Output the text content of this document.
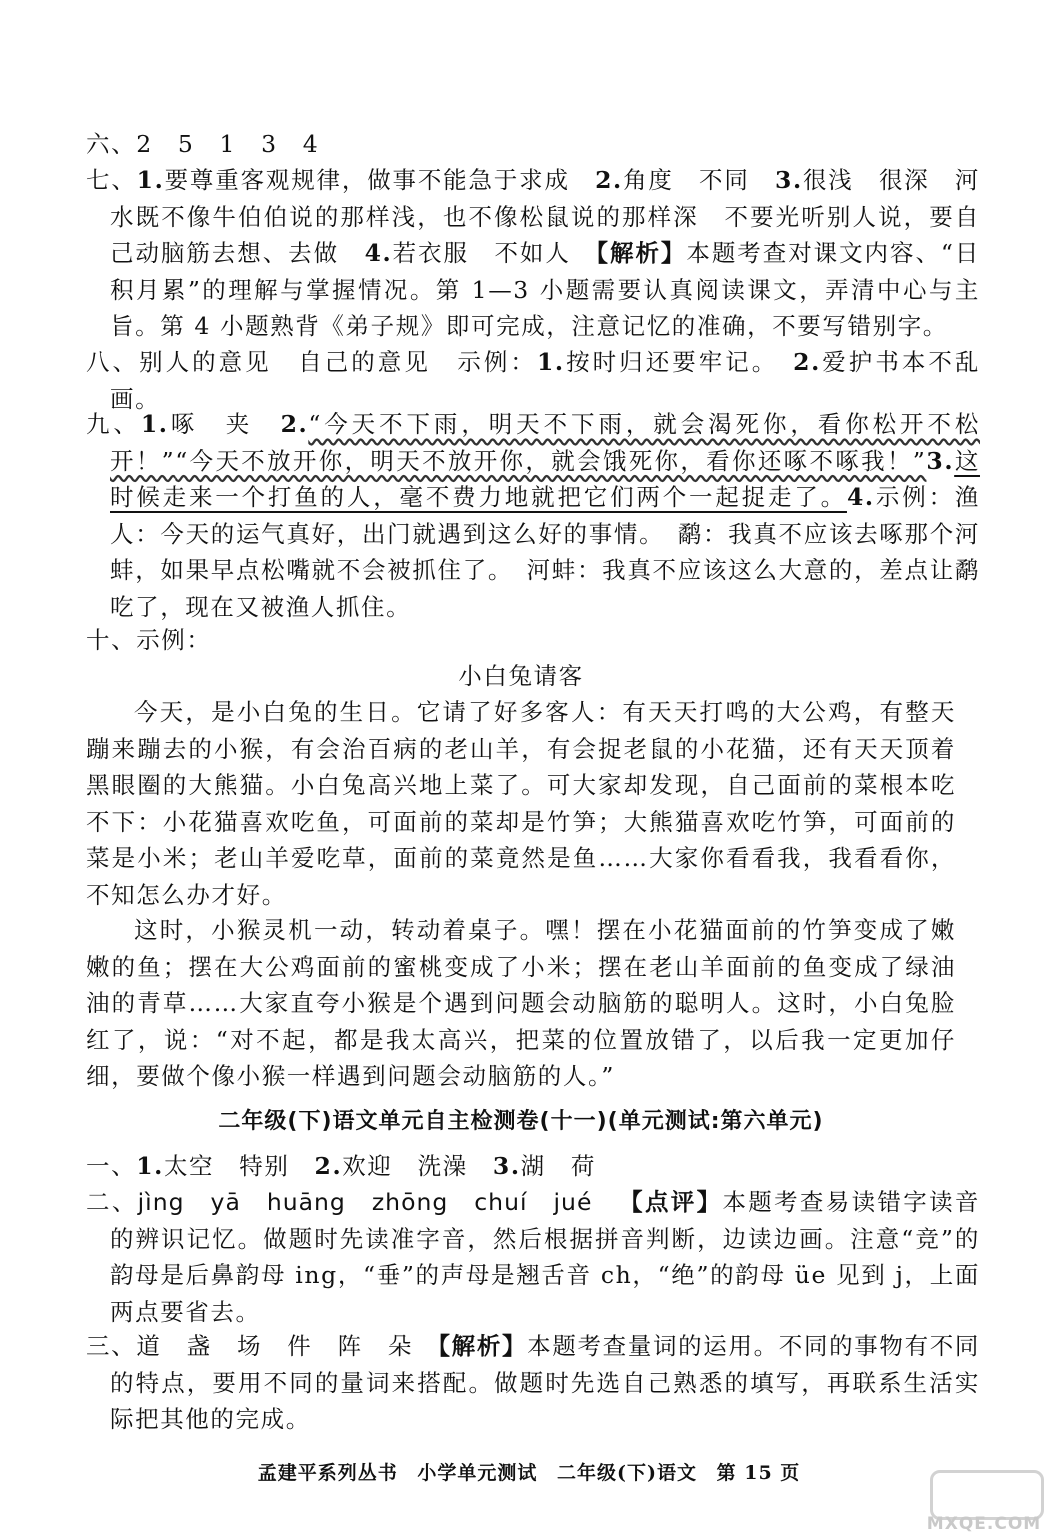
六、2　5　1　3　4

七、1.要尊重客观规律，做事不能急于求成　2.角度　不同　3.很浅　很深　河水既不像牛伯伯说的那样浅，也不像松鼠说的那样深　不要光听别人说，要自己动脑筋去想、去做　4.若衣服　不如人　【解析】本题考查对课文内容、“日积月累”的理解与掌握情况。第 1—3 小题需要认真阅读课文，弄清中心与主旨。第 4 小题熟背《弟子规》即可完成，注意记忆的准确，不要写错别字。

八、别人的意见　自己的意见　示例：1.按时归还要牢记。　2.爱护书本不乱画。

九、1.啄　夹　2.“今天不下雨，明天不下雨，就会渴死你，看你松开不松开！”“今天不放开你，明天不放开你，就会饿死你，看你还啄不啄我！”3.这时候走来一个打鱼的人，毫不费力地就把它们两个一起捉走了。4.示例：渔人：今天的运气真好，出门就遇到这么好的事情。　鹬：我真不应该去啄那个河蚌，如果早点松嘴就不会被抓住了。　河蚌：我真不应该这么大意的，差点让鹬吃了，现在又被渔人抓住。

十、示例：

小白兔请客

今天，是小白兔的生日。它请了好多客人：有天天打鸣的大公鸡，有整天蹦来蹦去的小猴，有会治百病的老山羊，有会捉老鼠的小花猫，还有天天顶着黑眼圈的大熊猫。小白兔高兴地上菜了。可大家却发现，自己面前的菜根本吃不下：小花猫喜欢吃鱼，可面前的菜却是竹笋；大熊猫喜欢吃竹笋，可面前的菜是小米；老山羊爱吃草，面前的菜竟然是鱼……大家你看看我，我看看你，不知怎么办才好。

这时，小猴灵机一动，转动着桌子。嘿！摆在小花猫面前的竹笋变成了嫩嫩的鱼；摆在大公鸡面前的蜜桃变成了小米；摆在老山羊面前的鱼变成了绿油油的青草……大家直夸小猴是个遇到问题会动脑筋的聪明人。这时，小白兔脸红了，说：“对不起，都是我太高兴，把菜的位置放错了，以后我一定更加仔细，要做个像小猴一样遇到问题会动脑筋的人。”

二年级(下)语文单元自主检测卷(十一)(单元测试:第六单元)

一、1.太空　特别　2.欢迎　洗澡　3.湖　荷

二、jìng yā huāng zhōng chuí jué 【点评】本题考查易读错字读音的辨识记忆。做题时先读准字音，然后根据拼音判断，边读边画。注意“竞”的韵母是后鼻韵母 ing，“垂”的声母是翘舌音 ch，“绝”的韵母 üe 见到 j，上面两点要省去。

三、道　盏　场　件　阵　朵　【解析】本题考查量词的运用。不同的事物有不同的特点，要用不同的量词来搭配。做题时先选自己熟悉的填写，再联系生活实际把其他的完成。

孟建平系列丛书 小学单元测试 二年级(下)语文 第 15 页
MXQE.COM
